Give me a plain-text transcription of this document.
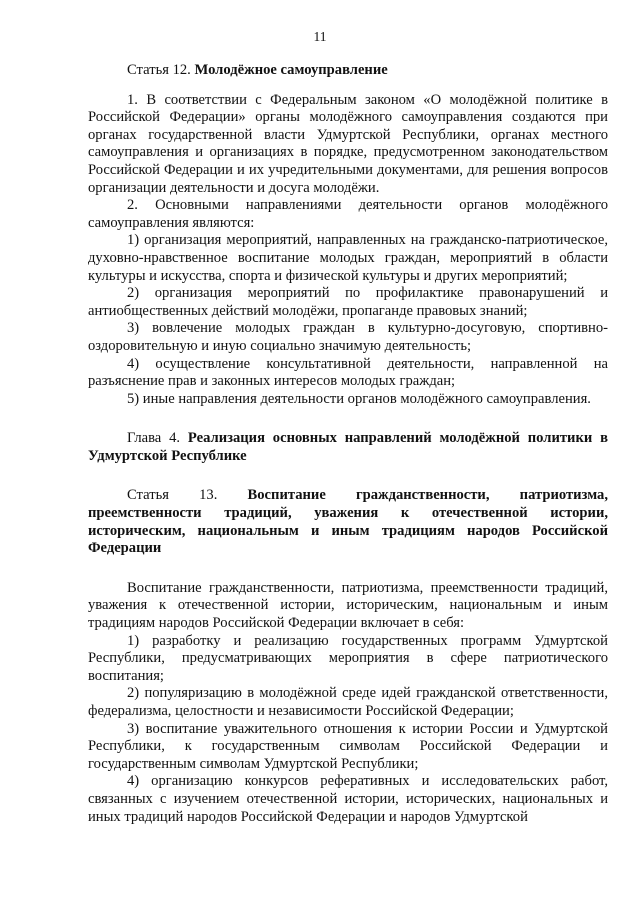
11

Статья 12. Молодёжное самоуправление

1. В соответствии с Федеральным законом «О молодёжной политике в Российской Федерации» органы молодёжного самоуправления создаются при органах государственной власти Удмуртской Республики, органах местного самоуправления и организациях в порядке, предусмотренном законодательством Российской Федерации и их учредительными документами, для решения вопросов организации деятельности и досуга молодёжи.

2. Основными направлениями деятельности органов молодёжного самоуправления являются:

1) организация мероприятий, направленных на гражданско-патриотическое, духовно-нравственное воспитание молодых граждан, мероприятий в области культуры и искусства, спорта и физической культуры и других мероприятий;

2) организация мероприятий по профилактике правонарушений и антиобщественных действий молодёжи, пропаганде правовых знаний;

3) вовлечение молодых граждан в культурно-досуговую, спортивно-оздоровительную и иную социально значимую деятельность;

4) осуществление консультативной деятельности, направленной на разъяснение прав и законных интересов молодых граждан;

5) иные направления деятельности органов молодёжного самоуправления.

Глава 4. Реализация основных направлений молодёжной политики в Удмуртской Республике

Статья 13. Воспитание гражданственности, патриотизма, преемственности традиций, уважения к отечественной истории, историческим, национальным и иным традициям народов Российской Федерации

Воспитание гражданственности, патриотизма, преемственности традиций, уважения к отечественной истории, историческим, национальным и иным традициям народов Российской Федерации включает в себя:

1) разработку и реализацию государственных программ Удмуртской Республики, предусматривающих мероприятия в сфере патриотического воспитания;

2) популяризацию в молодёжной среде идей гражданской ответственности, федерализма, целостности и независимости Российской Федерации;

3) воспитание уважительного отношения к истории России и Удмуртской Республики, к государственным символам Российской Федерации и государственным символам Удмуртской Республики;

4) организацию конкурсов реферативных и исследовательских работ, связанных с изучением отечественной истории, исторических, национальных и иных традиций народов Российской Федерации и народов Удмуртской
